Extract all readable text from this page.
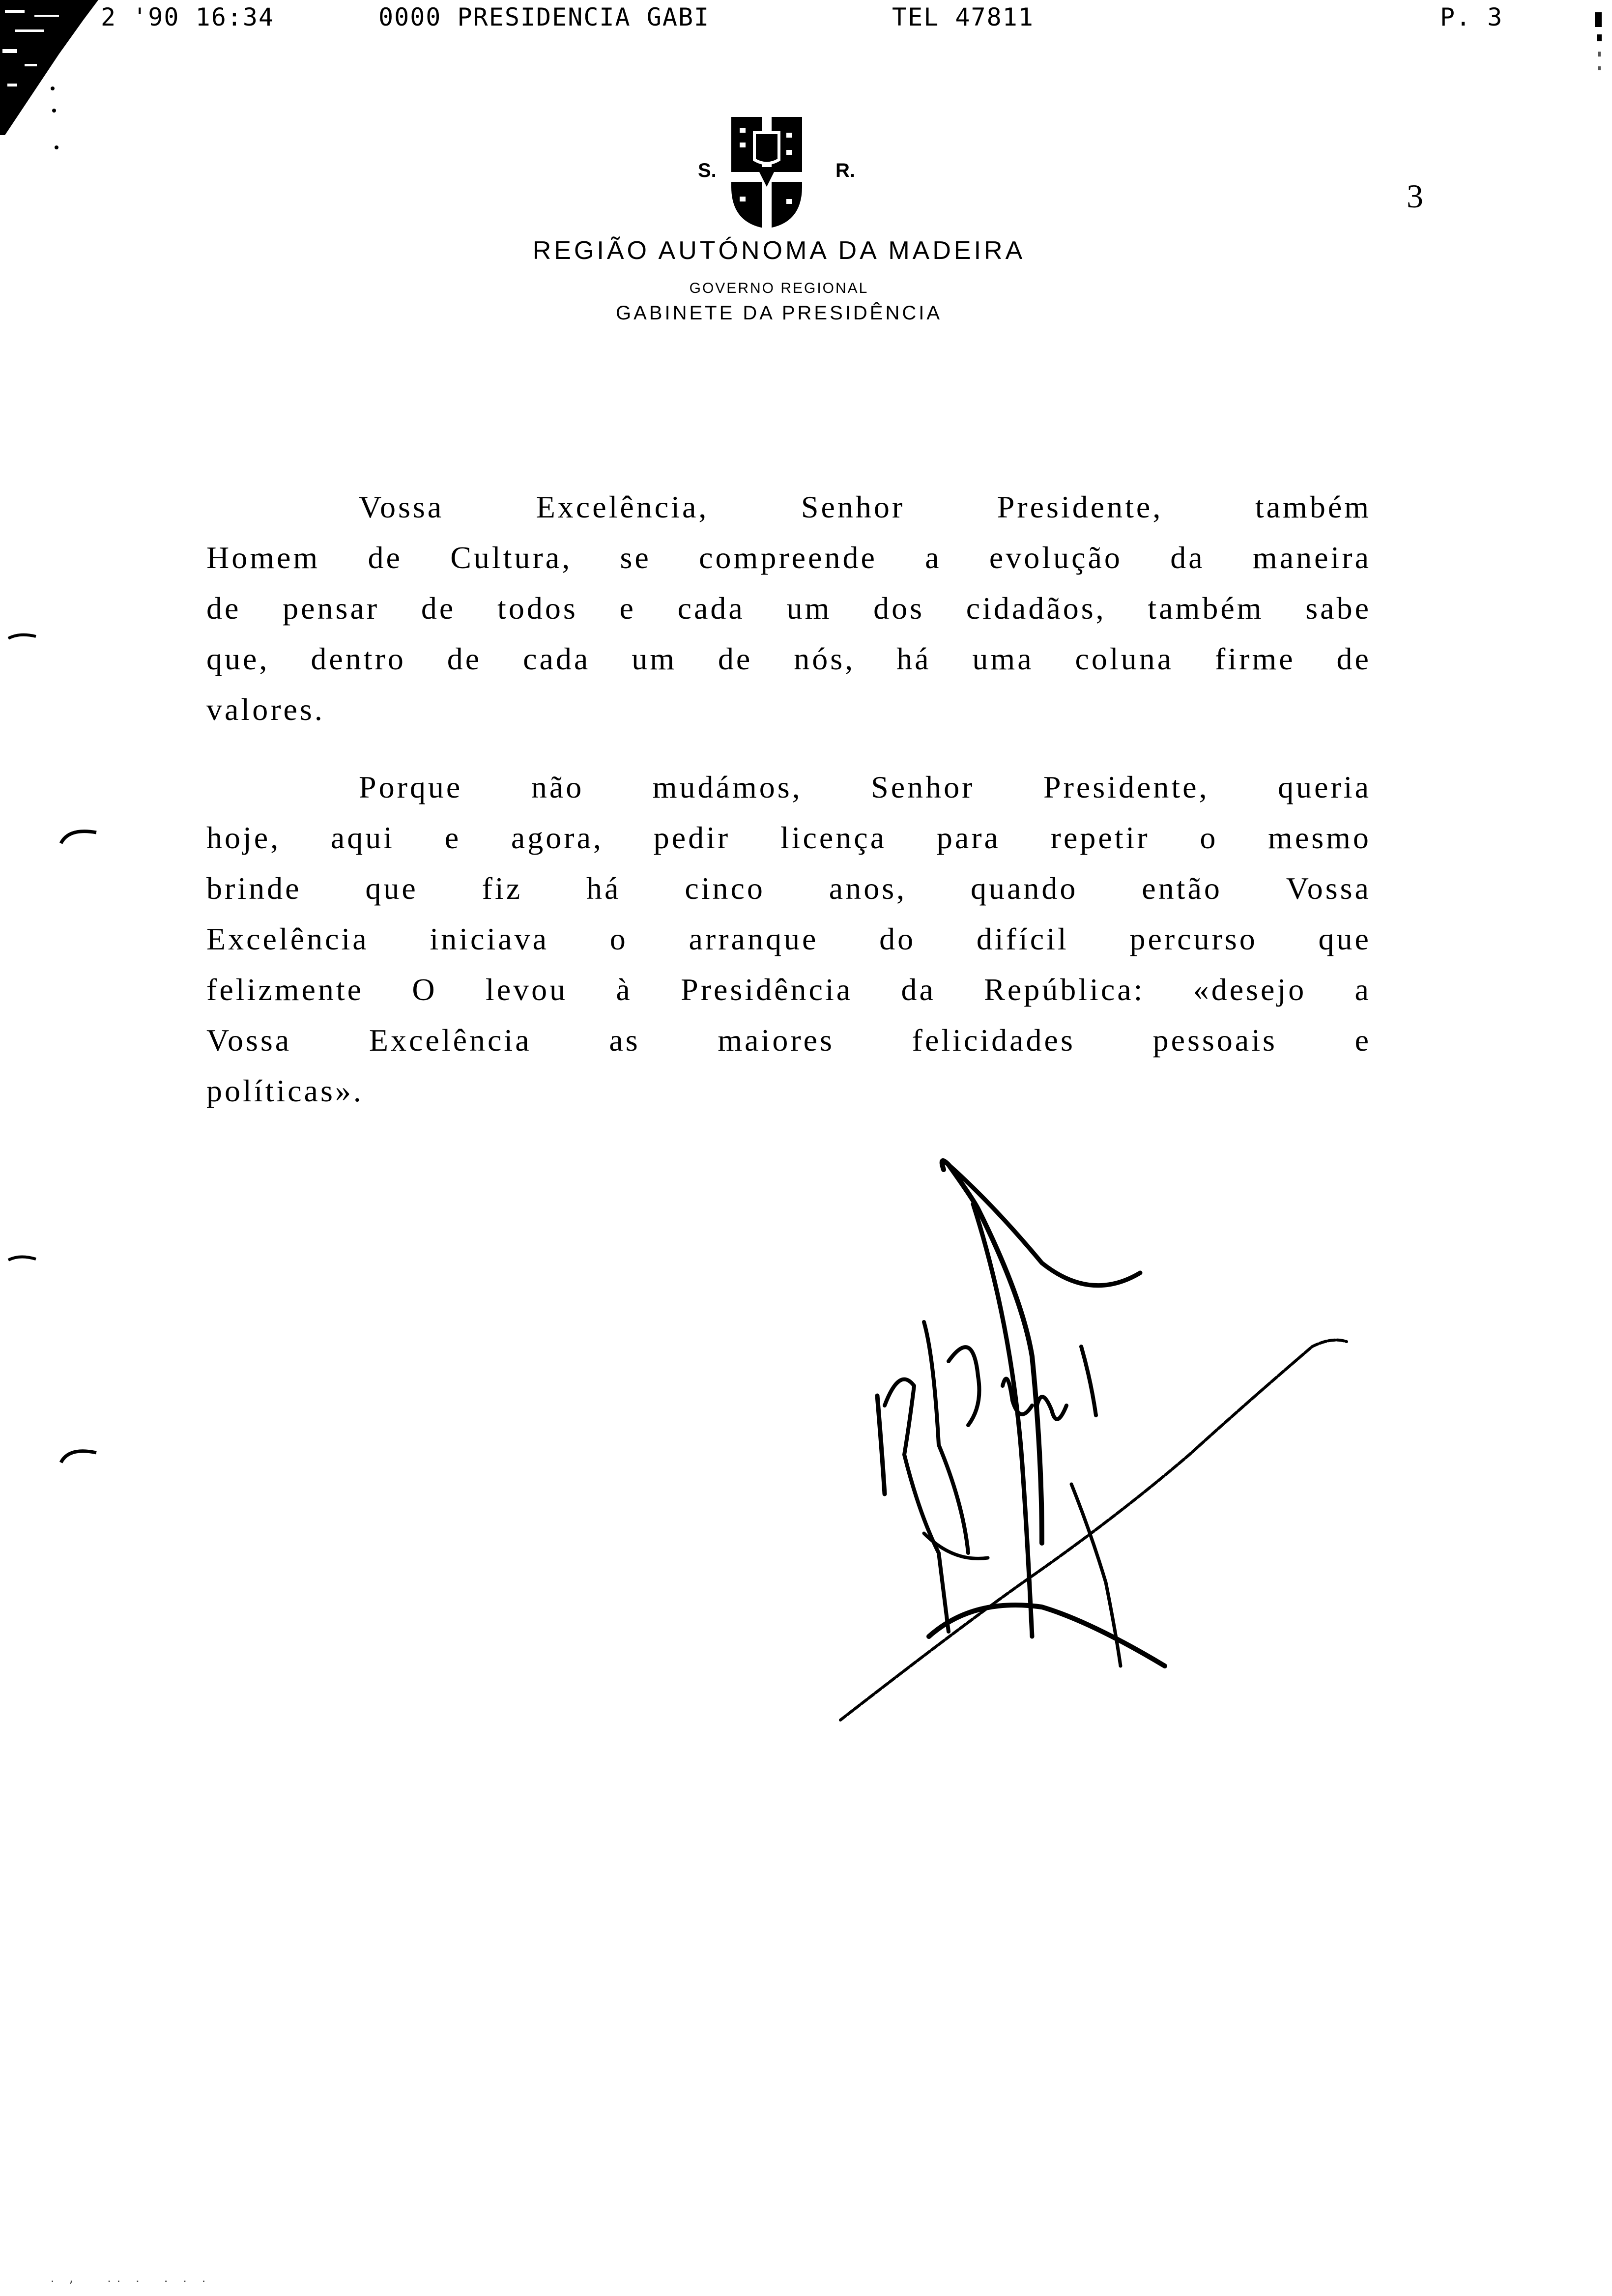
2 '90 16:34	0000 PRESIDENCIA GABI	TEL 47811	P. 3
3
S.	R.
REGIÃO AUTÓNOMA DA MADEIRA
GOVERNO REGIONAL
GABINETE DA PRESIDÊNCIA
Vossa	Excelência,	Senhor	Presidente,	também
Homem de Cultura, se compreende a evolução da maneira
de pensar de todos e cada um dos cidadãos, também sabe
que, dentro de cada um de nós, há uma coluna firme de
valores.
Porque não mudámos, Senhor Presidente, queria
hoje, aqui e agora, pedir licença para repetir o mesmo
brinde que fiz há cinco anos, quando então Vossa
Excelência iniciava o arranque do difícil percurso que
felizmente O levou à Presidência da República: «desejo a
Vossa Excelência as maiores felicidades pessoais e
políticas».
. ,   .. .  . . .
